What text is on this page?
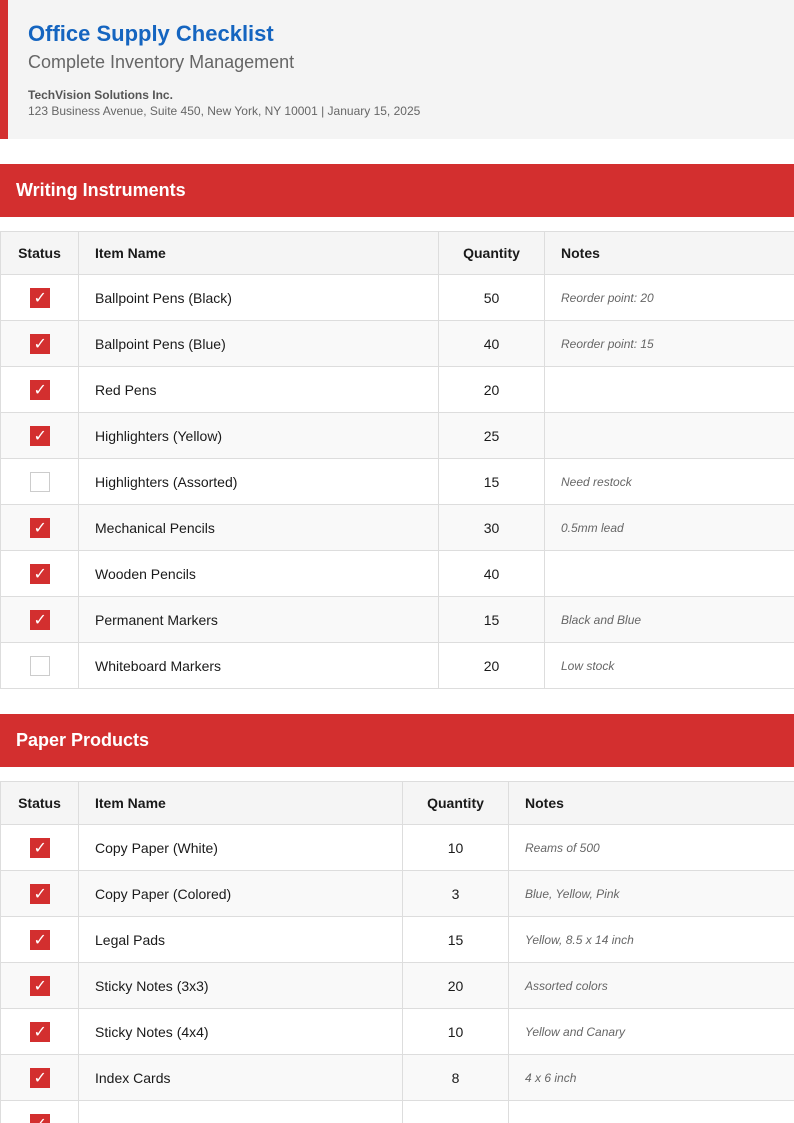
Office Supply Checklist
Complete Inventory Management
TechVision Solutions Inc.
123 Business Avenue, Suite 450, New York, NY 10001 | January 15, 2025
Writing Instruments
Status	Item Name	Quantity	Notes
✓	Ballpoint Pens (Black)	50	Reorder point: 20
✓	Ballpoint Pens (Blue)	40	Reorder point: 15
✓	Red Pens	20	
✓	Highlighters (Yellow)	25	
	Highlighters (Assorted)	15	Need restock
✓	Mechanical Pencils	30	0.5mm lead
✓	Wooden Pencils	40	
✓	Permanent Markers	15	Black and Blue
	Whiteboard Markers	20	Low stock
Paper Products
Status	Item Name	Quantity	Notes
✓	Copy Paper (White)	10	Reams of 500
✓	Copy Paper (Colored)	3	Blue, Yellow, Pink
✓	Legal Pads	15	Yellow, 8.5 x 14 inch
✓	Sticky Notes (3x3)	20	Assorted colors
✓	Sticky Notes (4x4)	10	Yellow and Canary
✓	Index Cards	8	4 x 6 inch
✓			
